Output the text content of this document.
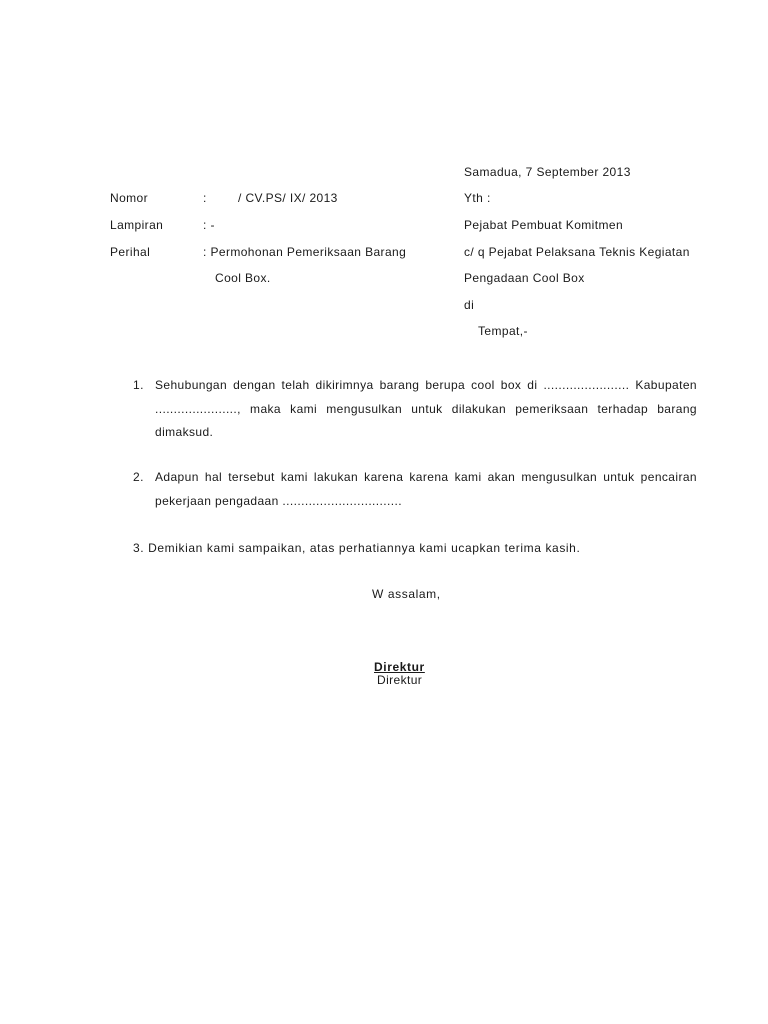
Samadua, 7 September 2013
Nomor	:	/ CV.PS/ IX/ 2013
Lampiran	: -
Perihal	: Permohonan Pemeriksaan Barang
Cool Box.
Yth :
Pejabat Pembuat Komitmen
c/ q Pejabat Pelaksana Teknis Kegiatan
Pengadaan Cool Box
di
Tempat,-
1. Sehubungan dengan telah dikirimnya barang berupa cool box di ....................... Kabupaten ......................, maka kami mengusulkan untuk dilakukan pemeriksaan terhadap barang dimaksud.
2. Adapun hal tersebut kami lakukan karena karena kami akan mengusulkan untuk pencairan pekerjaan pengadaan ................................
3. Demikian kami sampaikan, atas perhatiannya kami ucapkan terima kasih.
W assalam,
Direktur
Direktur
